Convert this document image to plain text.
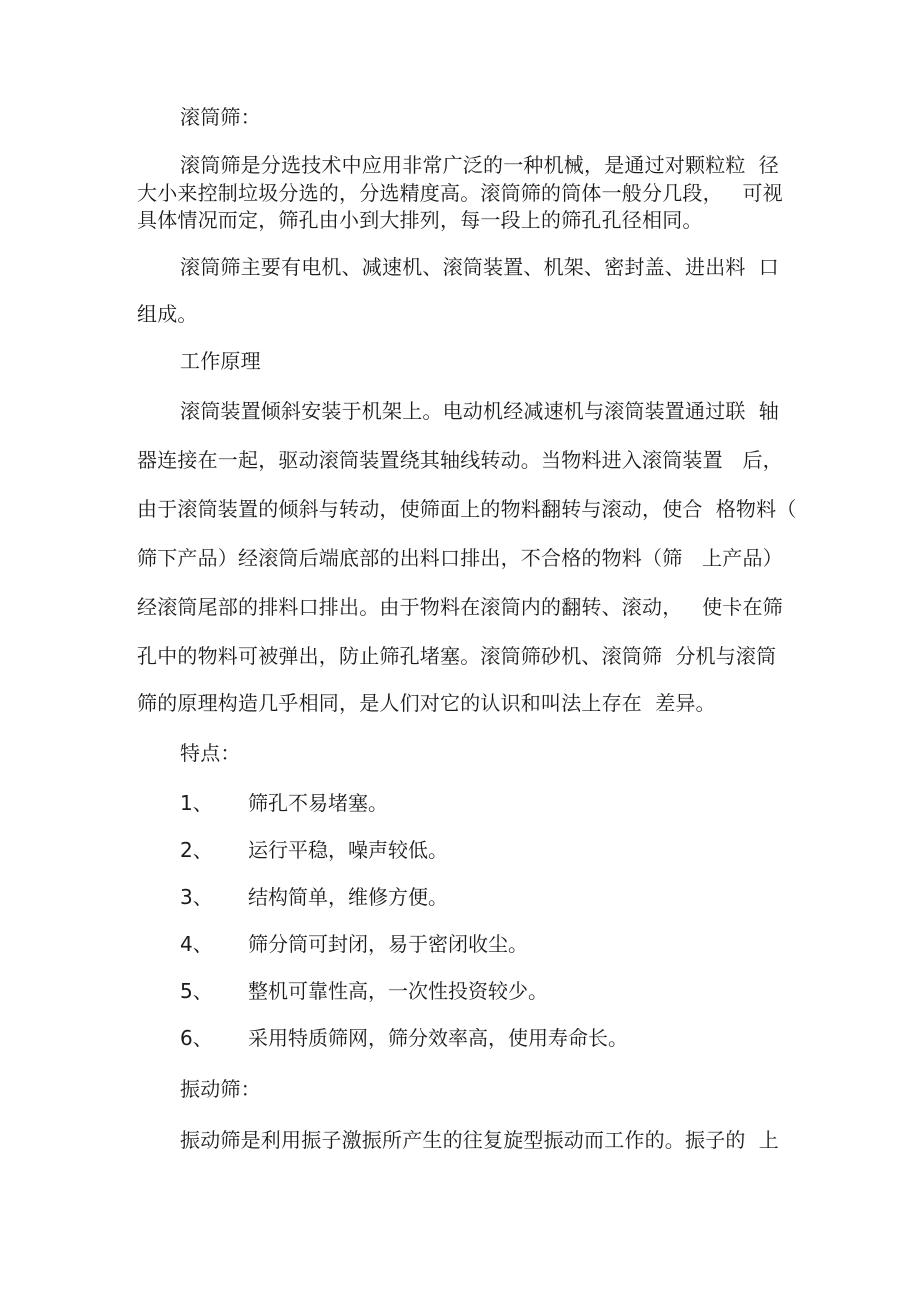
滚筒筛：
滚筒筛是分选技术中应用非常广泛的一种机械，是通过对颗粒粒  径
大小来控制垃圾分选的，分选精度高。滚筒筛的筒体一般分几段，   可视
具体情况而定，筛孔由小到大排列，每一段上的筛孔孔径相同。
滚筒筛主要有电机、减速机、滚筒装置、机架、密封盖、进出料  口
组成。
工作原理
滚筒装置倾斜安装于机架上。电动机经减速机与滚筒装置通过联  轴
器连接在一起，驱动滚筒装置绕其轴线转动。当物料进入滚筒装置   后，
由于滚筒装置的倾斜与转动，使筛面上的物料翻转与滚动，使合  格物料（
筛下产品）经滚筒后端底部的出料口排出，不合格的物料（筛   上产品）
经滚筒尾部的排料口排出。由于物料在滚筒内的翻转、滚动，   使卡在筛
孔中的物料可被弹出，防止筛孔堵塞。滚筒筛砂机、滚筒筛  分机与滚筒
筛的原理构造几乎相同，是人们对它的认识和叫法上存在  差异。
特点：
1、 筛孔不易堵塞。
2、 运行平稳，噪声较低。
3、 结构简单，维修方便。
4、 筛分筒可封闭，易于密闭收尘。
5、 整机可靠性高，一次性投资较少。
6、 采用特质筛网，筛分效率高，使用寿命长。
振动筛：
振动筛是利用振子激振所产生的往复旋型振动而工作的。振子的  上
